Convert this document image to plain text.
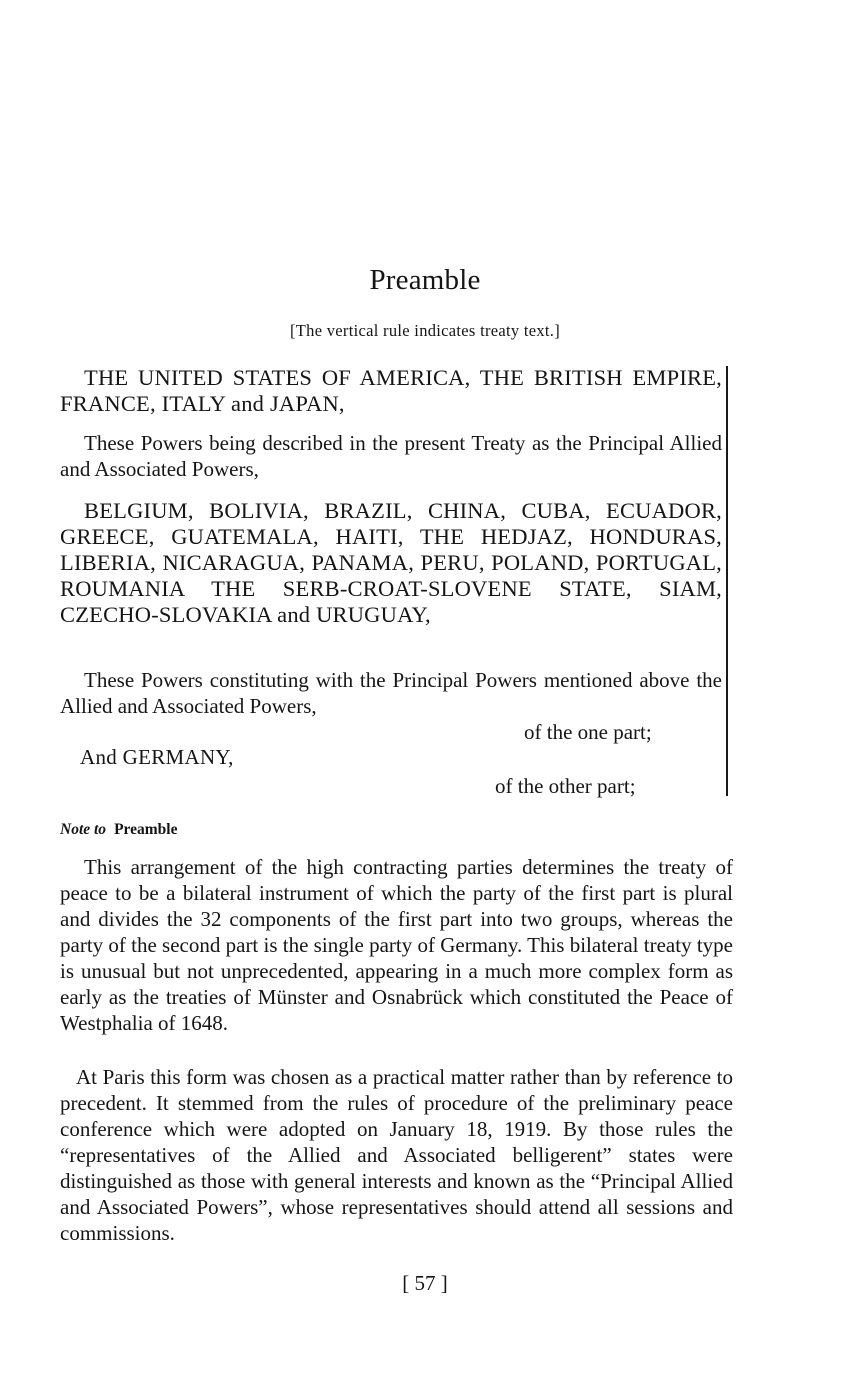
Preamble
[The vertical rule indicates treaty text.]
THE UNITED STATES OF AMERICA, THE BRITISH EMPIRE, FRANCE, ITALY and JAPAN,
These Powers being described in the present Treaty as the Principal Allied and Associated Powers,
BELGIUM, BOLIVIA, BRAZIL, CHINA, CUBA, ECUADOR, GREECE, GUATEMALA, HAITI, THE HEDJAZ, HONDURAS, LIBERIA, NICARAGUA, PANAMA, PERU, POLAND, PORTUGAL, ROUMANIA THE SERB-CROAT-SLOVENE STATE, SIAM, CZECHO-SLOVAKIA and URUGUAY,
These Powers constituting with the Principal Powers mentioned above the Allied and Associated Powers,
of the one part;
And GERMANY,
of the other part;
Note to Preamble
This arrangement of the high contracting parties determines the treaty of peace to be a bilateral instrument of which the party of the first part is plural and divides the 32 components of the first part into two groups, whereas the party of the second part is the single party of Germany. This bilateral treaty type is unusual but not unprecedented, appearing in a much more complex form as early as the treaties of Münster and Osnabrück which constituted the Peace of Westphalia of 1648.
At Paris this form was chosen as a practical matter rather than by reference to precedent. It stemmed from the rules of procedure of the preliminary peace conference which were adopted on January 18, 1919. By those rules the “representatives of the Allied and Associated belligerent” states were distinguished as those with general interests and known as the “Principal Allied and Associated Powers”, whose representatives should attend all sessions and commissions.
[ 57 ]
